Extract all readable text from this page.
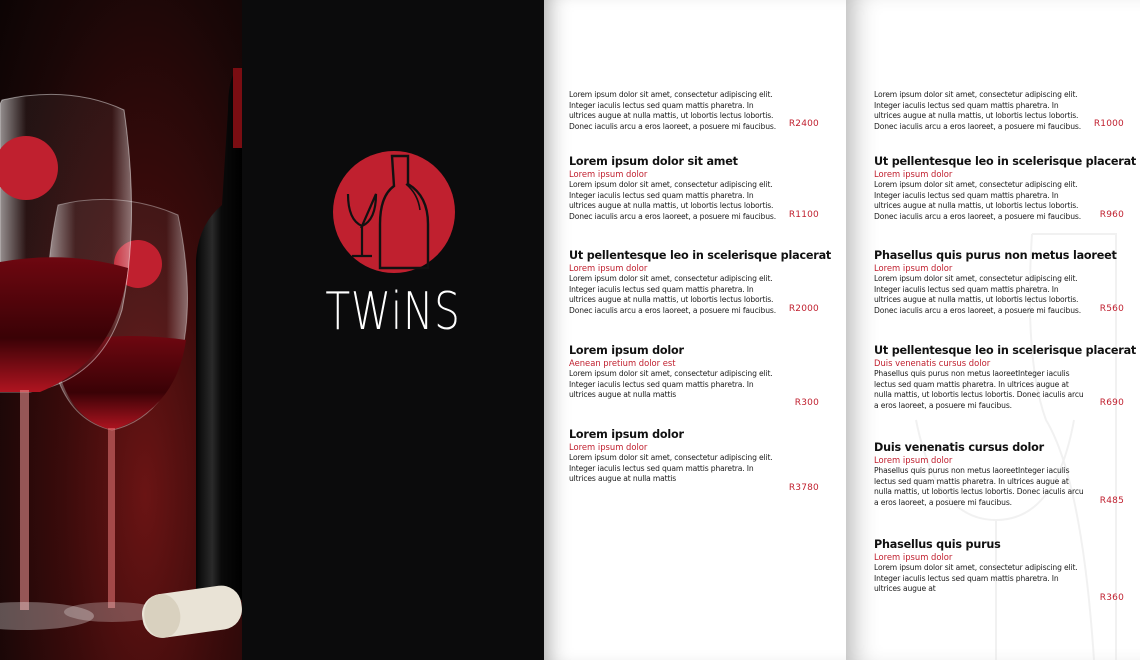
TWiNS
Lorem ipsum dolor sit amet, consectetur adipiscing elit. Integer iaculis lectus sed quam mattis pharetra. In ultrices augue at nulla mattis, ut lobortis lectus lobortis. Donec iaculis arcu a eros laoreet, a posuere mi faucibus.	R2400
Lorem ipsum dolor sit amet
Lorem ipsum dolor
Lorem ipsum dolor sit amet, consectetur adipiscing elit. Integer iaculis lectus sed quam mattis pharetra. In ultrices augue at nulla mattis, ut lobortis lectus lobortis. Donec iaculis arcu a eros laoreet, a posuere mi faucibus.	R1100
Ut pellentesque leo in scelerisque placerat
Lorem ipsum dolor
Lorem ipsum dolor sit amet, consectetur adipiscing elit. Integer iaculis lectus sed quam mattis pharetra. In ultrices augue at nulla mattis, ut lobortis lectus lobortis. Donec iaculis arcu a eros laoreet, a posuere mi faucibus.	R2000
Lorem ipsum dolor
Aenean pretium dolor est
Lorem ipsum dolor sit amet, consectetur adipiscing elit. Integer iaculis lectus sed quam mattis pharetra. In ultrices augue at nulla mattis
R300
Lorem ipsum dolor
Lorem ipsum dolor
Lorem ipsum dolor sit amet, consectetur adipiscing elit. Integer iaculis lectus sed quam mattis pharetra. In ultrices augue at nulla mattis
R3780
Lorem ipsum dolor sit amet, consectetur adipiscing elit. Integer iaculis lectus sed quam mattis pharetra. In ultrices augue at nulla mattis, ut lobortis lectus lobortis. Donec iaculis arcu a eros laoreet, a posuere mi faucibus.	R1000
Ut pellentesque leo in scelerisque placerat
Lorem ipsum dolor
Lorem ipsum dolor sit amet, consectetur adipiscing elit. Integer iaculis lectus sed quam mattis pharetra. In ultrices augue at nulla mattis, ut lobortis lectus lobortis. Donec iaculis arcu a eros laoreet, a posuere mi faucibus.	R960
Phasellus quis purus non metus laoreet
Lorem ipsum dolor
Lorem ipsum dolor sit amet, consectetur adipiscing elit. Integer iaculis lectus sed quam mattis pharetra. In ultrices augue at nulla mattis, ut lobortis lectus lobortis. Donec iaculis arcu a eros laoreet, a posuere mi faucibus.	R560
Ut pellentesque leo in scelerisque placerat
Duis venenatis cursus dolor
Phasellus quis purus non metus laoreetInteger iaculis lectus sed quam mattis pharetra. In ultrices augue at nulla mattis, ut lobortis lectus lobortis. Donec iaculis arcu a eros laoreet, a posuere mi faucibus.	R690
Duis venenatis cursus dolor
Lorem ipsum dolor
Phasellus quis purus non metus laoreetInteger iaculis lectus sed quam mattis pharetra. In ultrices augue at nulla mattis, ut lobortis lectus lobortis. Donec iaculis arcu a eros laoreet, a posuere mi faucibus.	R485
Phasellus quis purus
Lorem ipsum dolor
Lorem ipsum dolor sit amet, consectetur adipiscing elit. Integer iaculis lectus sed quam mattis pharetra. In ultrices augue at
R360
